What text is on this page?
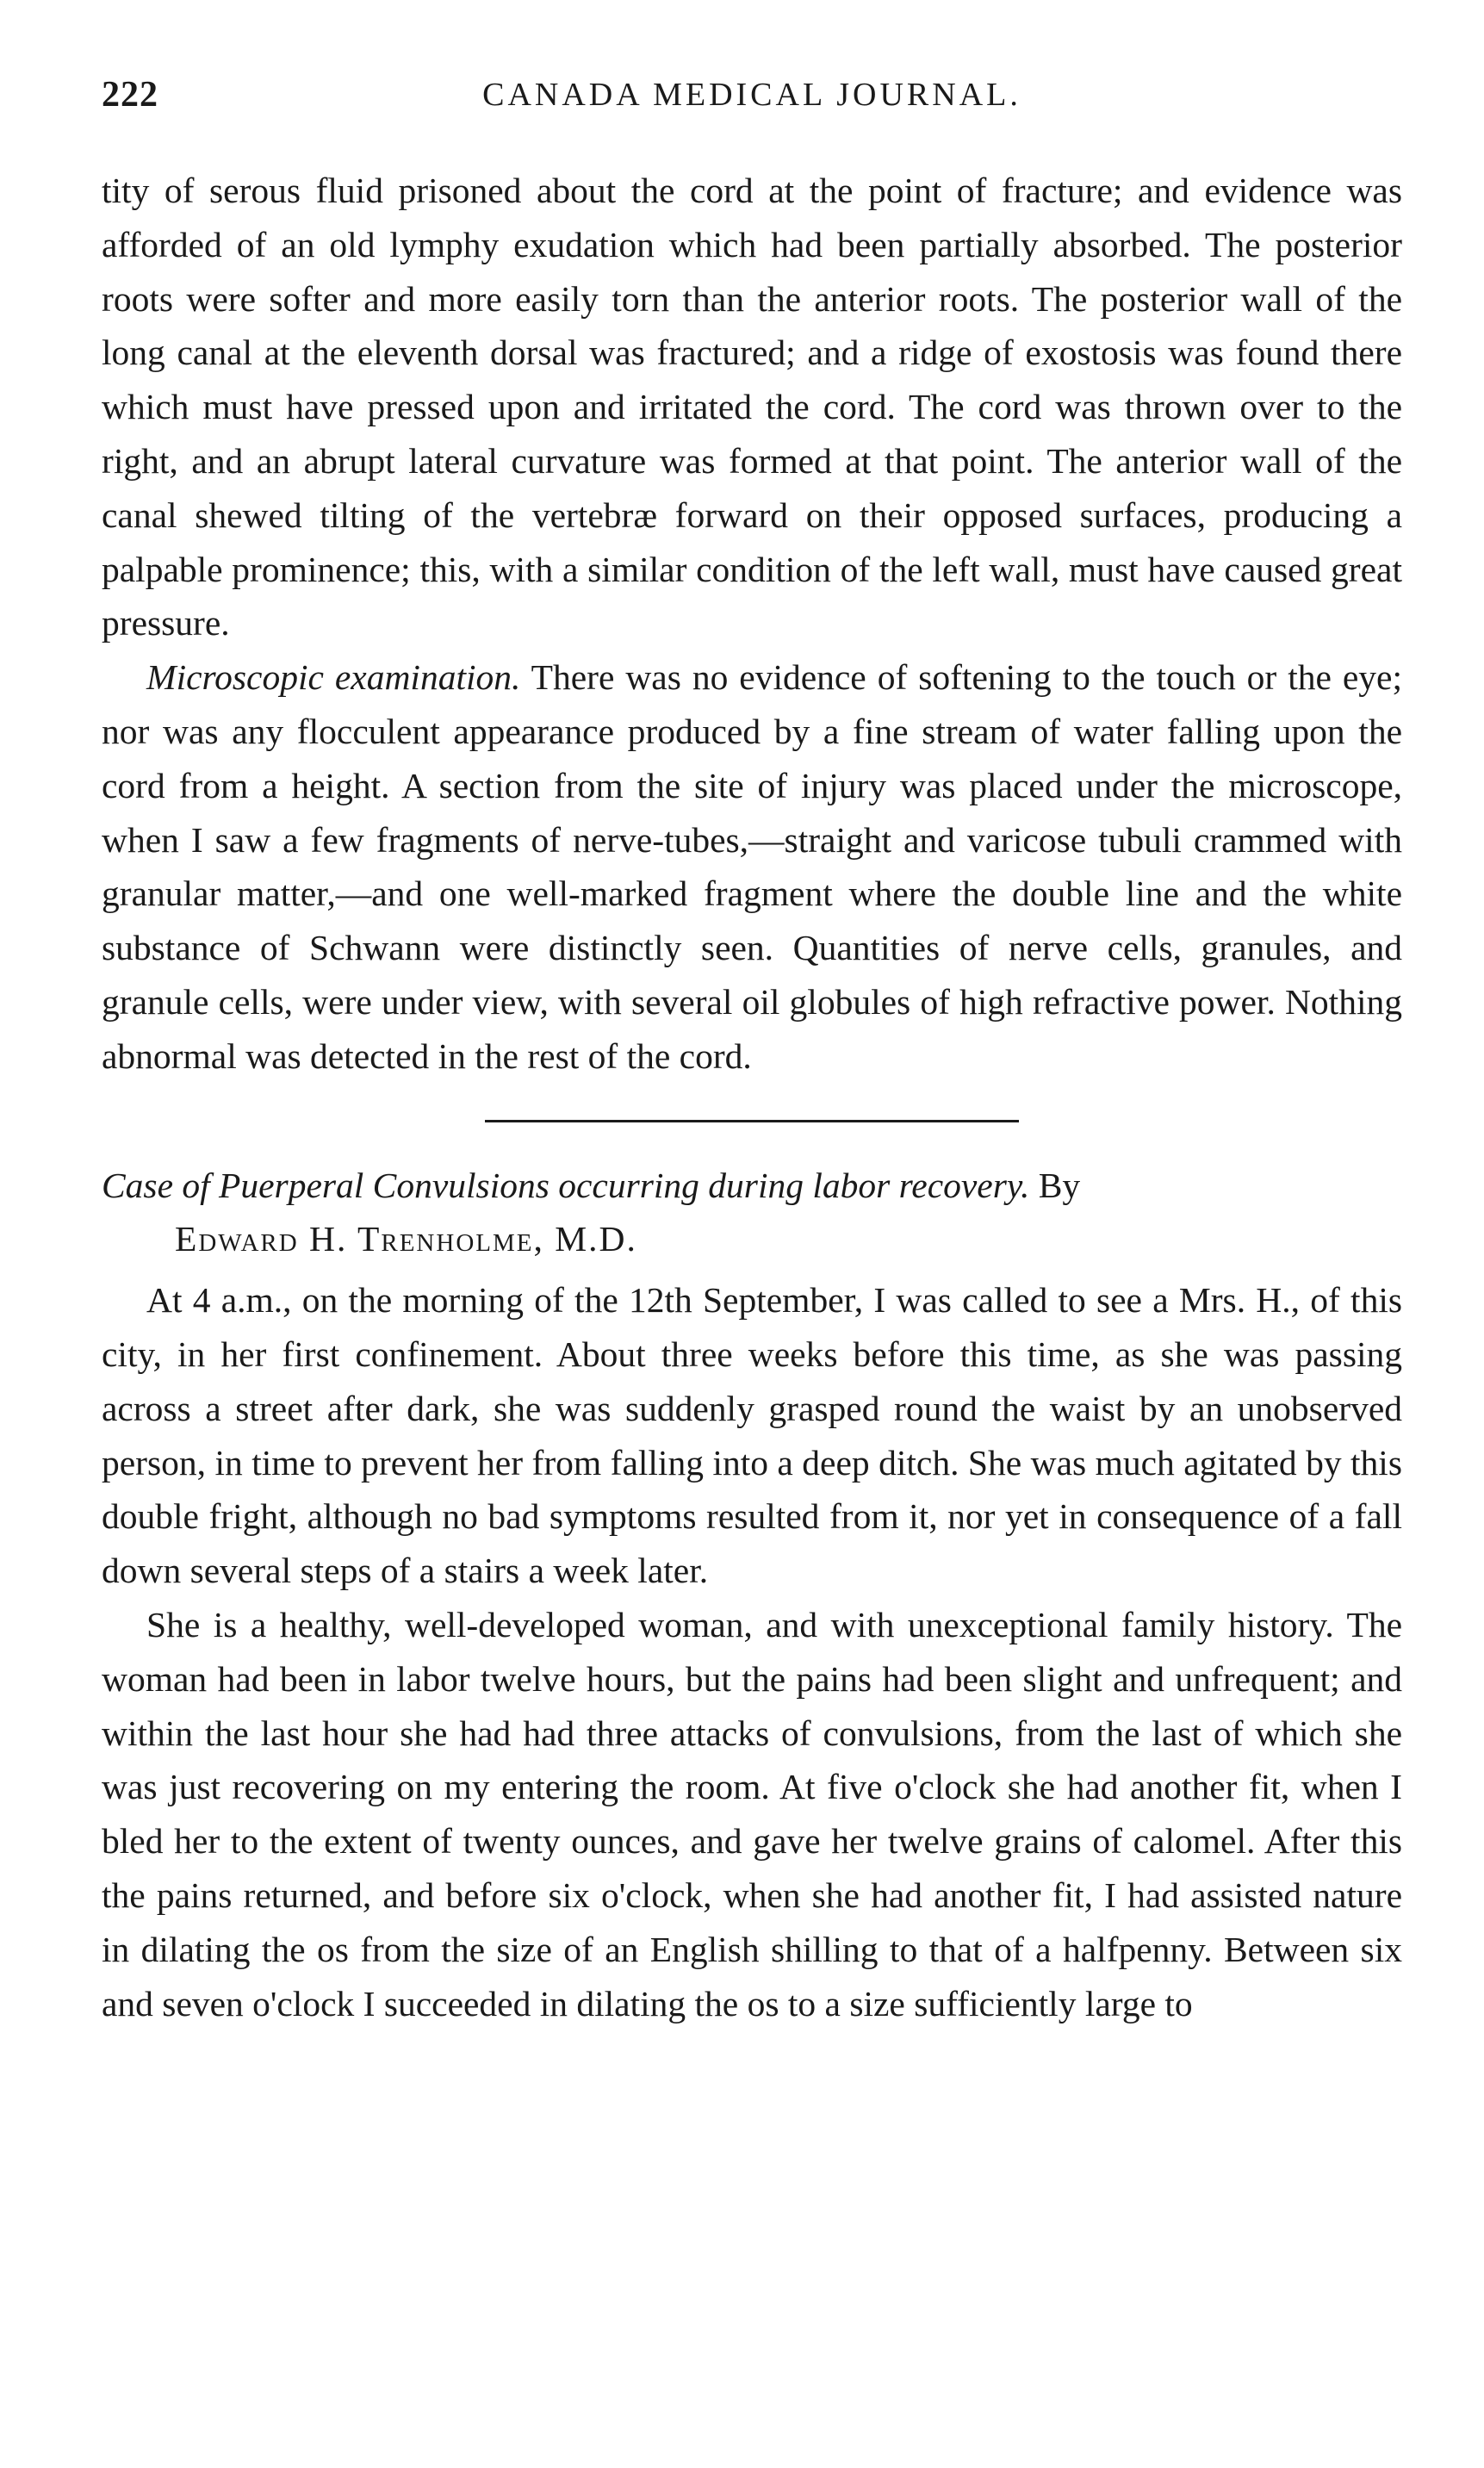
222	CANADA MEDICAL JOURNAL.

tity of serous fluid prisoned about the cord at the point of fracture; and evidence was afforded of an old lymphy exudation which had been partially absorbed. The posterior roots were softer and more easily torn than the anterior roots. The posterior wall of the long canal at the eleventh dorsal was fractured; and a ridge of exostosis was found there which must have pressed upon and irritated the cord. The cord was thrown over to the right, and an abrupt lateral curvature was formed at that point. The anterior wall of the canal shewed tilting of the vertebræ forward on their opposed surfaces, producing a palpable prominence; this, with a similar condition of the left wall, must have caused great pressure.

Microscopic examination. There was no evidence of softening to the touch or the eye; nor was any flocculent appearance produced by a fine stream of water falling upon the cord from a height. A section from the site of injury was placed under the microscope, when I saw a few fragments of nerve-tubes,—straight and varicose tubuli crammed with granular matter,—and one well-marked fragment where the double line and the white substance of Schwann were distinctly seen. Quantities of nerve cells, granules, and granule cells, were under view, with several oil globules of high refractive power. Nothing abnormal was detected in the rest of the cord.

Case of Puerperal Convulsions occurring during labor recovery. By
Edward H. Trenholme, M.D.

At 4 a.m., on the morning of the 12th September, I was called to see a Mrs. H., of this city, in her first confinement. About three weeks before this time, as she was passing across a street after dark, she was suddenly grasped round the waist by an unobserved person, in time to prevent her from falling into a deep ditch. She was much agitated by this double fright, although no bad symptoms resulted from it, nor yet in consequence of a fall down several steps of a stairs a week later.

She is a healthy, well-developed woman, and with unexceptional family history. The woman had been in labor twelve hours, but the pains had been slight and unfrequent; and within the last hour she had had three attacks of convulsions, from the last of which she was just recovering on my entering the room. At five o'clock she had another fit, when I bled her to the extent of twenty ounces, and gave her twelve grains of calomel. After this the pains returned, and before six o'clock, when she had another fit, I had assisted nature in dilating the os from the size of an English shilling to that of a halfpenny. Between six and seven o'clock I succeeded in dilating the os to a size sufficiently large to
